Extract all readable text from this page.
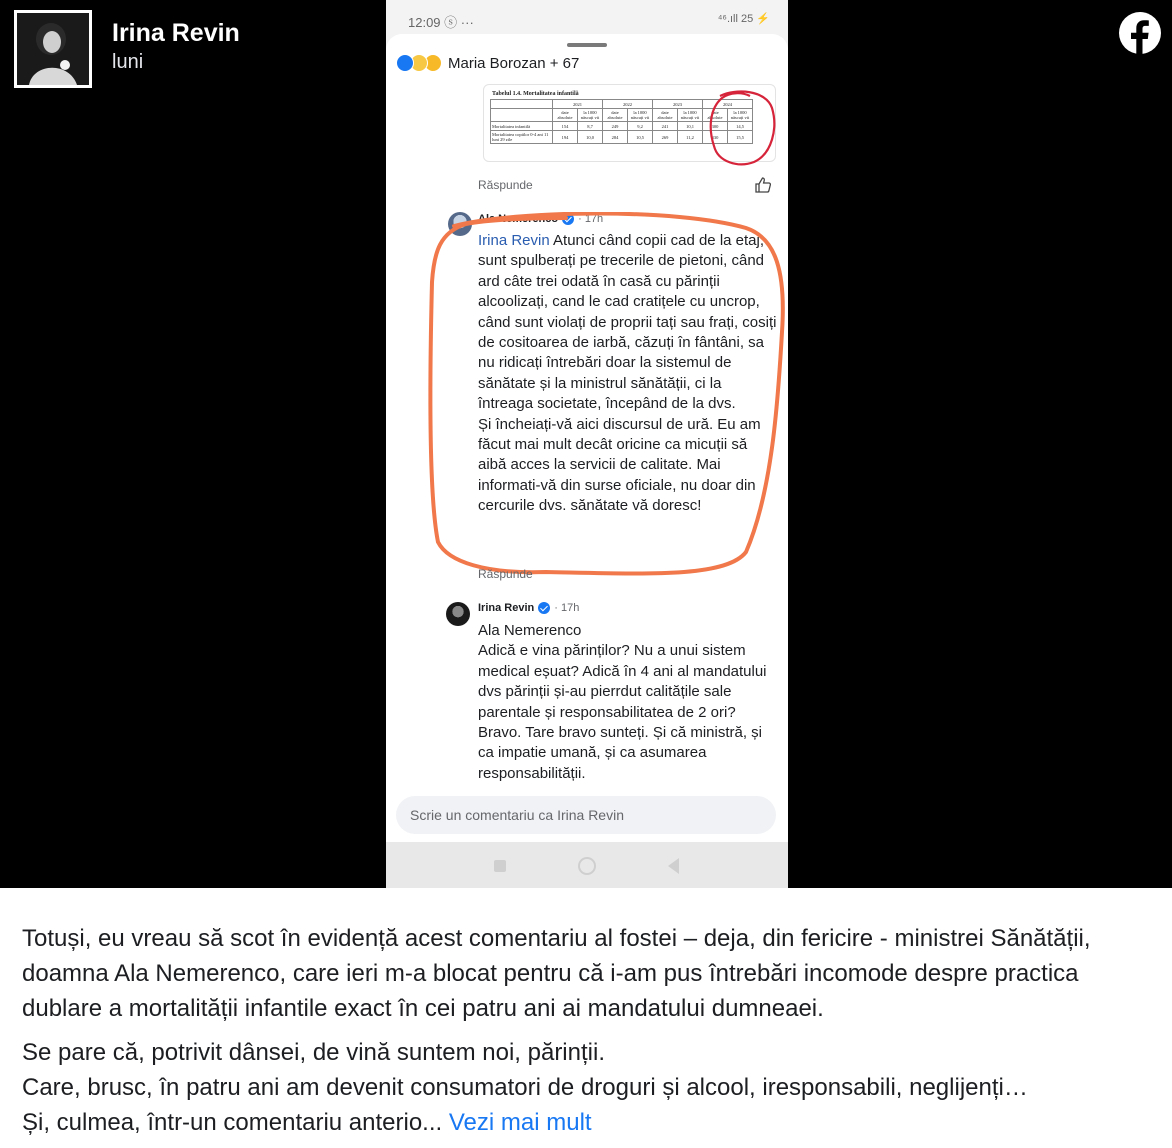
Irina Revin
luni
12:09 ⓢ ···	⁴⁶.ıll 25 ⚡
Maria Borozan + 67
Tabelul 1.4. Mortalitatea infantilă
	2021		2022		2023		2024	
	date absolute	la 1000 născuți vii	date absolute	la 1000 născuți vii	date absolute	la 1000 născuți vii	date absolute	la 1000 născuți vii
Mortalitatea infantilă	154	8,7	249	9,2	241	10,1	300	14,5
Mortalitatea copiilor 0-4 ani 11 luni 29 zile	194	10,0	284	10,5	269	11,2	330	15,5
Răspunde
Ala Nemerenco · 17h
Irina Revin Atunci când copii cad de la etaj, sunt spulberați pe trecerile de pietoni, când ard câte trei odată în casă cu părinții alcoolizați, cand le cad cratițele cu uncrop, când sunt violați de proprii tați sau frați, cosiți de cositoarea de iarbă, căzuți în fântâni, sa nu ridicați întrebări doar la sistemul de sănătate și la ministrul sănătății, ci la întreaga societate, începând de la dvs.
Și încheiați-vă aici discursul de ură. Eu am făcut mai mult decât oricine ca micuții să aibă acces la servicii de calitate. Mai informati-vă din surse oficiale, nu doar din cercurile dvs. sănătate vă doresc!
Răspunde
Irina Revin · 17h
Ala Nemerenco
Adică e vina părinților? Nu a unui sistem medical eșuat? Adică în 4 ani al mandatului dvs părinții și-au pierrdut calitățile sale parentale și responsabilitatea de 2 ori? Bravo. Tare bravo sunteți. Și că ministră, și ca impatie umană, și ca asumarea responsabilității.
Scrie un comentariu ca Irina Revin

Totuși, eu vreau să scot în evidență acest comentariu al fostei – deja, din fericire - ministrei Sănătății, doamna Ala Nemerenco, care ieri m-a blocat pentru că i-am pus întrebări incomode despre practica dublare a mortalității infantile exact în cei patru ani ai mandatului dumneaei.

Se pare că, potrivit dânsei, de vină suntem noi, părinții.

Care, brusc, în patru ani am devenit consumatori de droguri și alcool, iresponsabili, neglijenți…

Și, culmea, într-un comentariu anterio... Vezi mai mult
